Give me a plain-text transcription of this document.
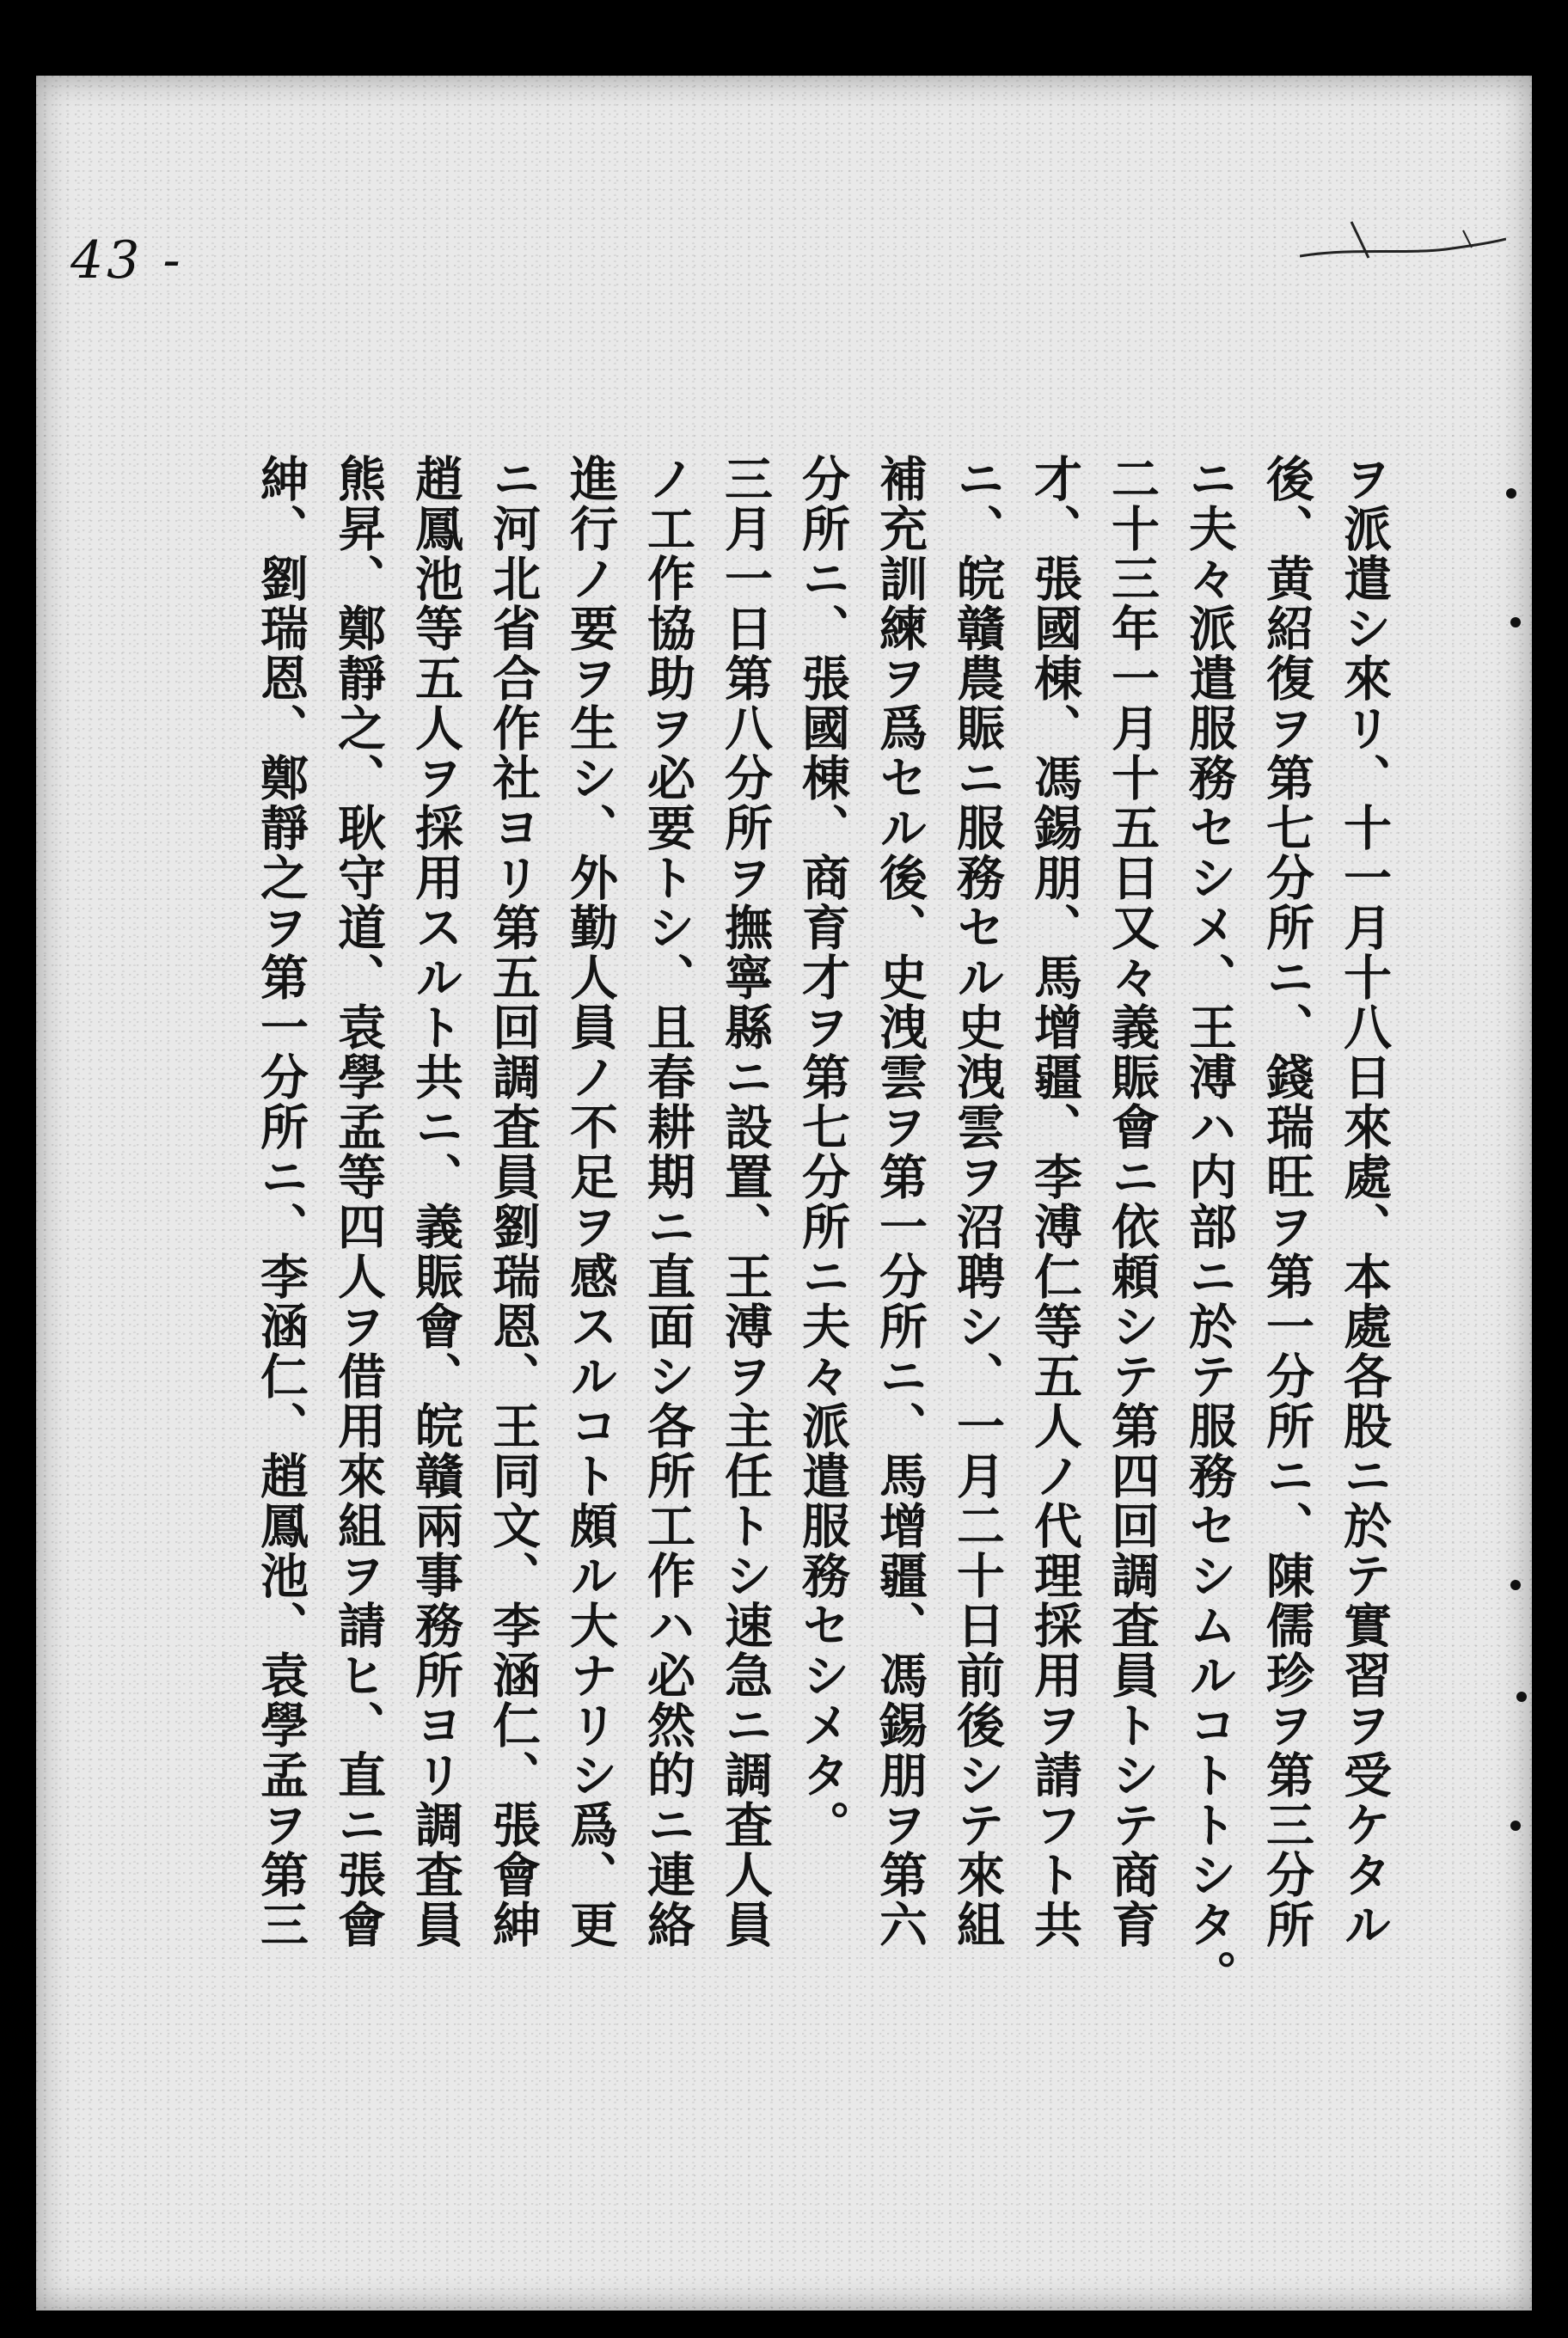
43 -
ヲ派遣シ來リ、十一月十八日來處、本處各股ニ於テ實習ヲ受ケタル
後、黄紹復ヲ第七分所ニ、錢瑞旺ヲ第一分所ニ、陳儒珍ヲ第三分所
ニ夫々派遣服務セシメ、王溥ハ内部ニ於テ服務セシムルコトトシタ。
二十三年一月十五日又々義賑會ニ依頼シテ第四回調査員トシテ商育
才、張國棟、馮錫朋、馬增疆、李溥仁等五人ノ代理採用ヲ請フト共
ニ、皖贛農賑ニ服務セル史洩雲ヲ沼聘シ、一月二十日前後シテ來組
補充訓練ヲ爲セル後、史洩雲ヲ第一分所ニ、馬增疆、馮錫朋ヲ第六
分所ニ、張國棟、商育才ヲ第七分所ニ夫々派遣服務セシメタ。
三月一日第八分所ヲ撫寧縣ニ設置、王溥ヲ主任トシ速急ニ調査人員
ノ工作協助ヲ必要トシ、且春耕期ニ直面シ各所工作ハ必然的ニ連絡
進行ノ要ヲ生シ、外勤人員ノ不足ヲ感スルコト頗ル大ナリシ爲、更
ニ河北省合作社ヨリ第五回調査員劉瑞恩、王同文、李涵仁、張會紳
趙鳳池等五人ヲ採用スルト共ニ、義賑會、皖贛兩事務所ヨリ調査員
熊昇、鄭靜之、耿守道、袁學孟等四人ヲ借用來組ヲ請ヒ、直ニ張會
紳、劉瑞恩、鄭靜之ヲ第一分所ニ、李涵仁、趙鳳池、袁學孟ヲ第三
